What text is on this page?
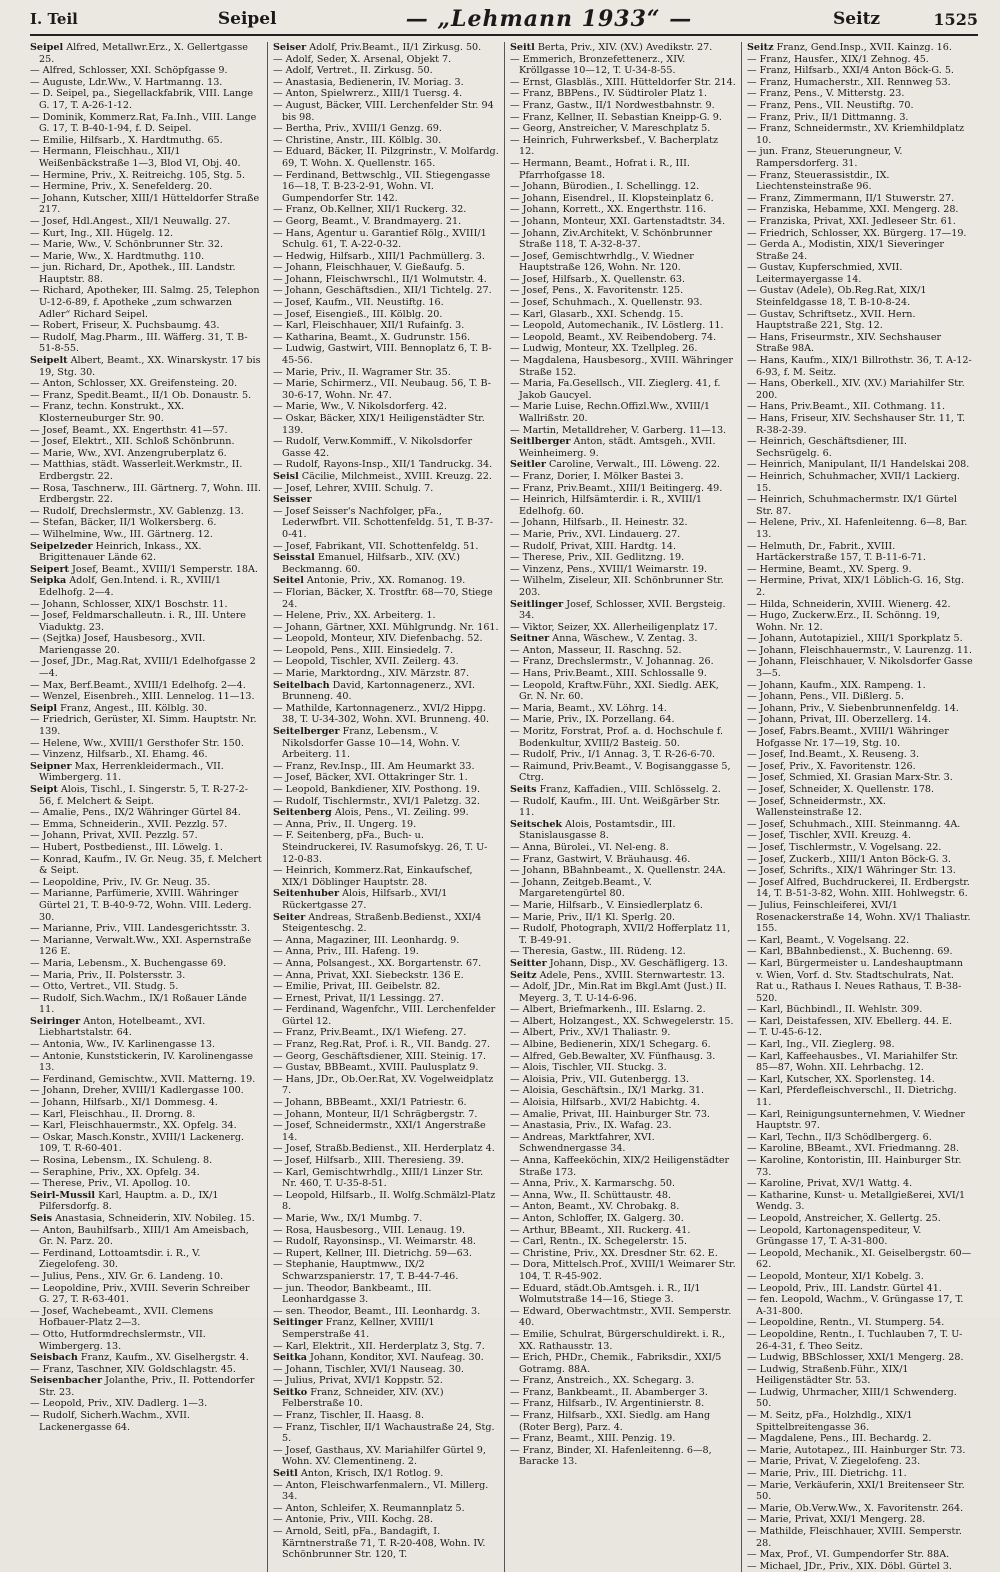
I. Teil	Seipel	— „Lehmann 1933“ —	Seitz	1525

Seipel Alfred, Metallwr.Erz., X. Gellertgasse 25.

— Alfred, Schlosser, XXI. Schöpfgasse 9.

— Auguste, Ldr.Ww., V. Hartmanng. 13.

— D. Seipel, pa., Siegellackfabrik, VIII. Lange G. 17, T. A-26-1-12.

— Dominik, Kommerz.Rat, Fa.Inh., VIII. Lange G. 17, T. B-40-1-94, f. D. Seipel.

— Emilie, Hilfsarb., X. Hardtmuthg. 65.

— Hermann, Fleischhau., XII/1 Weißenbäckstraße 1—3, Blod VI, Obj. 40.

— Hermine, Priv., X. Reitreichg. 105, Stg. 5.

— Hermine, Priv., X. Senefelderg. 20.

— Johann, Kutscher, XIII/1 Hütteldorfer Straße 217.

— Josef, Hdl.Angest., XII/1 Neuwallg. 27.

— Kurt, Ing., XII. Hügelg. 12.

— Marie, Ww., V. Schönbrunner Str. 32.

— Marie, Ww., X. Hardtmuthg. 110.

— jun. Richard, Dr., Apothek., III. Landstr. Hauptstr. 88.

— Richard, Apotheker, III. Salmg. 25, Telephon U-12-6-89, f. Apotheke „zum schwarzen Adler“ Richard Seipel.

— Robert, Friseur, X. Puchsbaumg. 43.

— Rudolf, Mag.Pharm., III. Wäfferg. 31, T. B-51-8-55.

Seipelt Albert, Beamt., XX. Winarskystr. 17 bis 19, Stg. 30.

— Anton, Schlosser, XX. Greifensteing. 20.

— Franz, Spedit.Beamt., II/1 Ob. Donaustr. 5.

— Franz, techn. Konstrukt., XX. Klosterneuburger Str. 90.

— Josef, Beamt., XX. Engerthstr. 41—57.

— Josef, Elektrt., XII. Schloß Schönbrunn.

— Marie, Ww., XVI. Anzengruberplatz 6.

— Matthias, städt. Wasserleit.Werkmstr., II. Erdbergstr. 22.

— Rosa, Taschnerw., III. Gärtnerg. 7, Wohn. III. Erdbergstr. 22.

— Rudolf, Drechslermstr., XV. Gablenzg. 13.

— Stefan, Bäcker, II/1 Wolkersberg. 6.

— Wilhelmine, Ww., III. Gärtnerg. 12.

Seipelzeder Heinrich, Inkass., XX. Brigittenauer Lände 62.

Seipert Josef, Beamt., XVIII/1 Semperstr. 18A.

Seipka Adolf, Gen.Intend. i. R., XVIII/1 Edelhofg. 2—4.

— Johann, Schlosser, XIX/1 Boschstr. 11.

— Josef, Feldmarschalleutn. i. R., III. Untere Viaduktg. 23.

— (Sejtka) Josef, Hausbesorg., XVII. Mariengasse 20.

— Josef, JDr., Mag.Rat, XVIII/1 Edelhofgasse 2—4.

— Max, Berf.Beamt., XVIII/1 Edelhofg. 2—4.

— Wenzel, Eisenbreh., XIII. Lennelog. 11—13.

Seipl Franz, Angest., III. Kölblg. 30.

— Friedrich, Gerüster, XI. Simm. Hauptstr. Nr. 139.

— Helene, Ww., XVIII/1 Gersthofer Str. 150.

— Vinzenz, Hilfsarb., XI. Ehamg. 46.

Seipner Max, Herrenkleidermach., VII. Wimbergerg. 11.

Seipt Alois, Tischl., I. Singerstr. 5, T. R-27-2-56, f. Melchert & Seipt.

— Amalie, Pens., IX/2 Währinger Gürtel 84.

— Emma, Schneiderin., XVII. Pezzlg. 57.

— Johann, Privat, XVII. Pezzlg. 57.

— Hubert, Postbedienst., III. Löwelg. 1.

— Konrad, Kaufm., IV. Gr. Neug. 35, f. Melchert & Seipt.

— Leopoldine, Priv., IV. Gr. Neug. 35.

— Marianne, Parfümerie, XVIII. Währinger Gürtel 21, T. B-40-9-72, Wohn. VIII. Lederg. 30.

— Marianne, Priv., VIII. Landesgerichtsstr. 3.

— Marianne, Verwalt.Ww., XXI. Aspernstraße 126 E.

— Maria, Lebensm., X. Buchengasse 69.

— Maria, Priv., II. Polstersstr. 3.

— Otto, Vertret., VII. Studg. 5.

— Rudolf, Sich.Wachm., IX/1 Roßauer Lände 11.

Seiringer Anton, Hotelbeamt., XVI. Liebhartstalstr. 64.

— Antonia, Ww., IV. Karlinengasse 13.

— Antonie, Kunststickerin, IV. Karolinengasse 13.

— Ferdinand, Gemischtw., XVII. Matterng. 19.

— Johann, Dreher, XVIII/1 Kadlergasse 100.

— Johann, Hilfsarb., XI/1 Dommesg. 4.

— Karl, Fleischhau., II. Drorng. 8.

— Karl, Fleischhauermstr., XX. Opfelg. 34.

— Oskar, Masch.Konstr., XVIII/1 Lackenerg. 109, T. R-60-401.

— Rosina, Lebensm., IX. Schuleng. 8.

— Seraphine, Priv., XX. Opfelg. 34.

— Therese, Priv., VI. Apollog. 10.

Seirl-Mussil Karl, Hauptm. a. D., IX/1 Pilfersdorfg. 8.

Seis Anastasia, Schneiderin, XIV. Nobileg. 15.

— Anton, Bauhilfsarb., XIII/1 Am Ameisbach, Gr. N. Parz. 20.

— Ferdinand, Lottoamtsdir. i. R., V. Ziegelofeng. 30.

— Julius, Pens., XIV. Gr. 6. Landeng. 10.

— Leopoldine, Priv., XVIII. Severin Schreiber G. 27, T. R-63-401.

— Josef, Wachebeamt., XVII. Clemens Hofbauer-Platz 2—3.

— Otto, Hutformdrechslermstr., VII. Wimbergerg. 13.

Seisbach Franz, Kaufm., XV. Giselhergstr. 4.

— Franz, Taschner, XIV. Goldschlagstr. 45.

Seisenbacher Jolanthe, Priv., II. Pottendorfer Str. 23.

— Leopold, Priv., XIV. Dadlerg. 1—3.

— Rudolf, Sicherh.Wachm., XVII. Lackenergasse 64.

Seiser Adolf, Priv.Beamt., II/1 Zirkusg. 50.

— Adolf, Seder, X. Arsenal, Objekt 7.

— Adolf, Vertret., II. Zirkusg. 50.

— Anastasia, Bedienerin, IV. Moriag. 3.

— Anton, Spielwrerz., XIII/1 Tuersg. 4.

— August, Bäcker, VIII. Lerchenfelder Str. 94 bis 98.

— Bertha, Priv., XVIII/1 Genzg. 69.

— Christine, Anstr., III. Kölblg. 30.

— Eduard, Bäcker, II. Pilzgrinstr., V. Molfardg. 69, T. Wohn. X. Quellenstr. 165.

— Ferdinand, Bettwschlg., VII. Stiegengasse 16—18, T. B-23-2-91, Wohn. VI. Gumpendorfer Str. 142.

— Franz, Ob.Kellner, XII/1 Ruckerg. 32.

— Georg, Beamt., V. Brandmayerg. 21.

— Hans, Agentur u. Garantief Rölg., XVIII/1 Schulg. 61, T. A-22-0-32.

— Hedwig, Hilfsarb., XIII/1 Pachmüllerg. 3.

— Johann, Fleischhauer, V. Gießaufg. 5.

— Johann, Fleischwrschl., II/1 Wolmutstr. 4.

— Johann, Geschäftsdien., XII/1 Tichtelg. 27.

— Josef, Kaufm., VII. Neustiftg. 16.

— Josef, Eisengieß., III. Kölblg. 20.

— Karl, Fleischhauer, XII/1 Rufainfg. 3.

— Katharina, Beamt., X. Gudrunstr. 156.

— Ludwig, Gastwirt, VIII. Bennoplatz 6, T. B-45-56.

— Marie, Priv., II. Wagramer Str. 35.

— Marie, Schirmerz., VII. Neubaug. 56, T. B-30-6-17, Wohn. Nr. 47.

— Marie, Ww., V. Nikolsdorferg. 42.

— Oskar, Bäcker, XIX/1 Heiligenstädter Str. 139.

— Rudolf, Verw.Kommiff., V. Nikolsdorfer Gasse 42.

— Rudolf, Rayons-Insp., XII/1 Tandruckg. 34.

Seisl Cäcilie, Milchmeist., XVIII. Kreuzg. 22.

— Josef, Lehrer, XVIII. Schulg. 7.

Seisser

— Josef Seisser's Nachfolger, pFa., Lederwfbrt. VII. Schottenfeldg. 51, T. B-37-0-41.

— Josef, Fabrikant, VII. Schottenfeldg. 51.

Seisstal Emanuel, Hilfsarb., XIV. (XV.) Beckmanng. 60.

Seitel Antonie, Priv., XX. Romanog. 19.

— Florian, Bäcker, X. Trostftr. 68—70, Stiege 24.

— Helene, Priv., XX. Arbeiterg. 1.

— Johann, Gärtner, XXI. Mühlgrundg. Nr. 161.

— Leopold, Monteur, XIV. Diefenbachg. 52.

— Leopold, Pens., XIII. Einsiedelg. 7.

— Leopold, Tischler, XVII. Zeilerg. 43.

— Marie, Marktordng., XIV. Märzstr. 87.

Seitelbach David, Kartonnagenerz., XVI. Brunneng. 40.

— Mathilde, Kartonnagenerz., XVI/2 Hippg. 38, T. U-34-302, Wohn. XVI. Brunneng. 40.

Seitelberger Franz, Lebensm., V. Nikolsdorfer Gasse 10—14, Wohn. V. Arbeiterg. 11.

— Franz, Rev.Insp., III. Am Heumarkt 33.

— Josef, Bäcker, XVI. Ottakringer Str. 1.

— Leopold, Bankdiener, XIV. Posthong. 19.

— Rudolf, Tischlermstr., XVI/1 Paletzg. 32.

Seitenberg Alois, Pens., VI. Zeiling. 99.

— Anna, Priv., II. Ungerg. 19.

— F. Seitenberg, pFa., Buch- u. Steindruckerei, IV. Rasumofskyg. 26, T. U-12-0-83.

— Heinrich, Kommerz.Rat, Einkaufschef, XIX/1 Döblinger Hauptstr. 28.

Seitenhuber Alois, Hilfsarb., XVI/1 Rückertgasse 27.

Seiter Andreas, Straßenb.Bedienst., XXI/4 Steigenteschg. 2.

— Anna, Magaziner, III. Leonhardg. 9.

— Anna, Priv., III. Hafeng. 19.

— Anna, Polsangest., XX. Borgartenstr. 67.

— Anna, Privat, XXI. Siebeckstr. 136 E.

— Emilie, Privat, III. Geibelstr. 82.

— Ernest, Privat, II/1 Lessingg. 27.

— Ferdinand, Wagenfchr., VIII. Lerchenfelder Gürtel 12.

— Franz, Priv.Beamt., IX/1 Wiefeng. 27.

— Franz, Reg.Rat, Prof. i. R., VII. Bandg. 27.

— Georg, Geschäftsdiener, XIII. Steinig. 17.

— Gustav, BBBeamt., XVIII. Paulusplatz 9.

— Hans, JDr., Ob.Oer.Rat, XV. Vogelweidplatz 7.

— Johann, BBBeamt., XXI/1 Patriestr. 6.

— Johann, Monteur, II/1 Schrägbergstr. 7.

— Josef, Schneidermstr., XXI/1 Angerstraße 14.

— Josef, Straßb.Bedienst., XII. Herderplatz 4.

— Josef, Hilfsarb., XIII. Theresieng. 39.

— Karl, Gemischtwrhdlg., XIII/1 Linzer Str. Nr. 460, T. U-35-8-51.

— Leopold, Hilfsarb., II. Wolfg.Schmälzl-Platz 8.

— Marie, Ww., IX/1 Mumbg. 7.

— Rosa, Hausbesorg., VIII. Lenaug. 19.

— Rudolf, Rayonsinsp., VI. Weimarstr. 48.

— Rupert, Kellner, III. Dietrichg. 59—63.

— Stephanie, Hauptmww., IX/2 Schwarzspanierstr. 17, T. B-44-7-46.

— jun. Theodor, Bankbeamt., III. Leonhardgasse 3.

— sen. Theodor, Beamt., III. Leonhardg. 3.

Seitinger Franz, Kellner, XVIII/1 Semperstraße 41.

— Karl, Elektrit., XII. Herderplatz 3, Stg. 7.

Seitka Johann, Konditor, XVI. Naufeag. 30.

— Johann, Tischler, XVI/1 Nauseag. 30.

— Julius, Privat, XVI/1 Koppstr. 52.

Seitko Franz, Schneider, XIV. (XV.) Felberstraße 10.

— Franz, Tischler, II. Haasg. 8.

— Franz, Tischler, II/1 Wachaustraße 24, Stg. 5.

— Josef, Gasthaus, XV. Mariahilfer Gürtel 9, Wohn. XV. Clementineng. 2.

Seitl Anton, Krisch, IX/1 Rotlog. 9.

— Anton, Fleischwarfenmalern., VI. Millerg. 34.

— Anton, Schleifer, X. Reumannplatz 5.

— Antonie, Priv., VIII. Kochg. 28.

— Arnold, Seitl, pFa., Bandagift, I. Kärntnerstraße 71, T. R-20-408, Wohn. IV. Schönbrunner Str. 120, T.

Seitl Berta, Priv., XIV. (XV.) Avedikstr. 27.

— Emmerich, Bronzefettenerz., XIV. Kröllgasse 10—12, T. U-34-8-55.

— Ernst, Glasbläs., XIII. Hütteldorfer Str. 214.

— Franz, BBPens., IV. Südtiroler Platz 1.

— Franz, Gastw., II/1 Nordwestbahnstr. 9.

— Franz, Kellner, II. Sebastian Kneipp-G. 9.

— Georg, Anstreicher, V. Mareschplatz 5.

— Heinrich, Fuhrwerksbef., V. Bacherplatz 12.

— Hermann, Beamt., Hofrat i. R., III. Pfarrhofgasse 18.

— Johann, Bürodien., I. Schellingg. 12.

— Johann, Eisendrel., II. Klopsteinplatz 6.

— Johann, Korrett., XX. Engerthstr. 116.

— Johann, Monteur, XXI. Gartenstadtstr. 34.

— Johann, Ziv.Architekt, V. Schönbrunner Straße 118, T. A-32-8-37.

— Josef, Gemischtwrhdlg., V. Wiedner Hauptstraße 126, Wohn. Nr. 120.

— Josef, Hilfsarb., X. Quellenstr. 63.

— Josef, Pens., X. Favoritenstr. 125.

— Josef, Schuhmach., X. Quellenstr. 93.

— Karl, Glasarb., XXI. Schendg. 15.

— Leopold, Automechanik., IV. Löstlerg. 11.

— Leopold, Beamt., XV. Reibendoberg. 74.

— Ludwig, Monteur, XX. Tzellpleg. 26.

— Magdalena, Hausbesorg., XVIII. Währinger Straße 152.

— Maria, Fa.Gesellsch., VII. Zieglerg. 41, f. Jakob Gaucyel.

— Marie Luise, Rechn.Offizl.Ww., XVIII/1 Wallrißstr. 20.

— Martin, Metalldreher, V. Garberg. 11—13.

Seitlberger Anton, städt. Amtsgeh., XVII. Weinheimerg. 9.

Seitler Caroline, Verwalt., III. Löweng. 22.

— Franz, Dorier, I. Mölker Bastei 3.

— Franz, Priv.Beamt., XIII/1 Beitingerg. 49.

— Heinrich, Hilfsämterdir. i. R., XVIII/1 Edelhofg. 60.

— Johann, Hilfsarb., II. Heinestr. 32.

— Marie, Priv., XVI. Lindauerg. 27.

— Rudolf, Privat, XIII. Hardtg. 14.

— Therese, Priv., XII. Gedlitzng. 19.

— Vinzenz, Pens., XVIII/1 Weimarstr. 19.

— Wilhelm, Ziseleur, XII. Schönbrunner Str. 203.

Seitlinger Josef, Schlosser, XVII. Bergsteig. 34.

— Viktor, Seizer, XX. Allerheiligenplatz 17.

Seitner Anna, Wäschew., V. Zentag. 3.

— Anton, Masseur, II. Raschng. 52.

— Franz, Drechslermstr., V. Johannag. 26.

— Hans, Priv.Beamt., XIII. Schlossalle 9.

— Leopold, Kraftw.Führ., XXI. Siedlg. AEK, Gr. N. Nr. 60.

— Maria, Beamt., XV. Löhrg. 14.

— Marie, Priv., IX. Porzellang. 64.

— Moritz, Forstrat, Prof. a. d. Hochschule f. Bodenkultur, XVIII/2 Basteig. 50.

— Rudolf, Priv., I/1 Annag. 3, T. R-26-6-70.

— Raimund, Priv.Beamt., V. Bogisanggasse 5, Ctrg.

Seits Franz, Kaffadien., VIII. Schlösselg. 2.

— Rudolf, Kaufm., III. Unt. Weißgärber Str. 11.

Seitschek Alois, Postamtsdir., III. Stanislausgasse 8.

— Anna, Bürolei., VI. Nel-eng. 8.

— Franz, Gastwirt, V. Bräuhausg. 46.

— Johann, BBahnbeamt., X. Quellenstr. 24A.

— Johann, Zeitgeb.Beamt., V. Margaretengürtel 80.

— Marie, Hilfsarb., V. Einsiedlerplatz 6.

— Marie, Priv., II/1 Kl. Sperlg. 20.

— Rudolf, Photograph, XVII/2 Hofferplatz 11, T. B-49-91.

— Theresia, Gastw., III. Rüdeng. 12.

Seitter Johann, Disp., XV. Geschäfligerg. 13.

Seitz Adele, Pens., XVIII. Sternwartestr. 13.

— Adolf, JDr., Min.Rat im Bkgl.Amt (Just.) II. Meyerg. 3, T. U-14-6-96.

— Albert, Briefmarkenh., III. Eslarng. 2.

— Albert, Holzangest., XX. Schwegelerstr. 15.

— Albert, Priv., XV/1 Thaliastr. 9.

— Albine, Bedienerin, XIX/1 Schegarg. 6.

— Alfred, Geb.Bewalter, XV. Fünfhausg. 3.

— Alois, Tischler, VII. Stuckg. 3.

— Aloisia, Priv., VII. Gutenbergg. 13.

— Aloisia, Geschäftsin., IX/1 Markg. 31.

— Aloisia, Hilfsarb., XVI/2 Habichtg. 4.

— Amalie, Privat, III. Hainburger Str. 73.

— Anastasia, Priv., IX. Wafag. 23.

— Andreas, Marktfahrer, XVI. Schwendnergasse 34.

— Anna, Kaffeeköchin, XIX/2 Heiligenstädter Straße 173.

— Anna, Priv., X. Karmarschg. 50.

— Anna, Ww., II. Schüttaustr. 48.

— Anton, Beamt., XV. Chrobakg. 8.

— Anton, Schloffer, IX. Galgerg. 30.

— Arthur, BBeamt., XII. Ruckerg. 41.

— Carl, Rentn., IX. Schegelerstr. 15.

— Christine, Priv., XX. Dresdner Str. 62. E.

— Dora, Mittelsch.Prof., XVIII/1 Weimarer Str. 104, T. R-45-902.

— Eduard, städt.Ob.Amtsgeh. i. R., II/1 Wolmutstraße 14—16, Stiege 3.

— Edward, Oberwachtmstr., XVII. Semperstr. 40.

— Emilie, Schulrat, Bürgerschuldirekt. i. R., XX. Rathausstr. 13.

— Erich, PHDr., Chemik., Fabriksdir., XXI/5 Gotramg. 88A.

— Franz, Anstreich., XX. Schegarg. 3.

— Franz, Bankbeamt., II. Abamberger 3.

— Franz, Hilfsarb., IV. Argentinierstr. 8.

— Franz, Hilfsarb., XXI. Siedlg. am Hang (Roter Berg), Parz. 4.

— Franz, Beamt., XIII. Penzig. 19.

— Franz, Binder, XI. Hafenleitenng. 6—8, Baracke 13.

Seitz Franz, Gend.Insp., XVII. Kainzg. 16.

— Franz, Hausfer., XIX/1 Zehnog. 45.

— Franz, Hilfsarb., XXI/4 Anton Böck-G. 5.

— Franz, Humacherstr., XII. Rennweg 53.

— Franz, Pens., V. Mitterstg. 23.

— Franz, Pens., VII. Neustiftg. 70.

— Franz, Priv., II/1 Dittmanng. 3.

— Franz, Schneidermstr., XV. Kriemhildplatz 10.

— jun. Franz, Steuerungneur, V. Rampersdorferg. 31.

— Franz, Steuerassistdir., IX. Liechtensteinstraße 96.

— Franz, Zimmermann, II/1 Stuwerstr. 27.

— Franziska, Hebamme, XXI. Mengerg. 28.

— Franziska, Privat, XXI. Jedleseer Str. 61.

— Friedrich, Schlosser, XX. Bürgerg. 17—19.

— Gerda A., Modistin, XIX/1 Sieveringer Straße 24.

— Gustav, Kupferschmied, XVII. Leitermayergasse 14.

— Gustav (Adele), Ob.Reg.Rat, XIX/1 Steinfeldgasse 18, T. B-10-8-24.

— Gustav, Schriftsetz., XVII. Hern. Hauptstraße 221, Stg. 12.

— Hans, Friseurmstr., XIV. Sechshauser Straße 98A.

— Hans, Kaufm., XIX/1 Billrothstr. 36, T. A-12-6-93, f. M. Seitz.

— Hans, Oberkell., XIV. (XV.) Mariahilfer Str. 200.

— Hans, Priv.Beamt., XII. Cothmang. 11.

— Hans, Friseur, XIV. Sechshauser Str. 11, T. R-38-2-39.

— Heinrich, Geschäftsdiener, III. Sechsrügelg. 6.

— Heinrich, Manipulant, II/1 Handelskai 208.

— Heinrich, Schuhmacher, XVII/1 Lackierg. 15.

— Heinrich, Schuhmachermstr. IX/1 Gürtel Str. 87.

— Helene, Priv., XI. Hafenleitenng. 6—8, Bar. 13.

— Helmuth, Dr., Fabrit., XVIII. Hartäckerstraße 157, T. B-11-6-71.

— Hermine, Beamt., XV. Sperg. 9.

— Hermine, Privat, XIX/1 Löblich-G. 16, Stg. 2.

— Hilda, Schneiderin, XVIII. Wienerg. 42.

— Hugo, Zuckerw.Erz., II. Schönng. 19, Wohn. Nr. 12.

— Johann, Autotapiziel., XIII/1 Sporkplatz 5.

— Johann, Fleischhauermstr., V. Laurenzg. 11.

— Johann, Fleischhauer, V. Nikolsdorfer Gasse 3—5.

— Johann, Kaufm., XIX. Rampeng. 1.

— Johann, Pens., VII. Dißlerg. 5.

— Johann, Priv., V. Siebenbrunnenfeldg. 14.

— Johann, Privat, III. Oberzellerg. 14.

— Josef, Fabrs.Beamt., XVIII/1 Währinger Hofgasse Nr. 17—19, Stg. 10.

— Josef, Ind.Beamt., X. Reuseng. 3.

— Josef, Priv., X. Favoritenstr. 126.

— Josef, Schmied, XI. Grasian Marx-Str. 3.

— Josef, Schneider, X. Quellenstr. 178.

— Josef, Schneidermstr., XX. Wallensteinstraße 12.

— Josef, Schuhmach., XIII. Steinmanng. 4A.

— Josef, Tischler, XVII. Kreuzg. 4.

— Josef, Tischlermstr., V. Vogelsang. 22.

— Josef, Zuckerb., XIII/1 Anton Böck-G. 3.

— Josef, Schrifts., XIX/1 Währinger Str. 13.

— Josef Alfred, Buchdruckerei, II. Erdbergstr. 14, T. B-51-3-82, Wohn. XIII. Hohlwegstr. 6.

— Julius, Feinschleiferei, XVI/1 Rosenackerstraße 14, Wohn. XV/1 Thaliastr. 155.

— Karl, Beamt., V. Vogelsang. 22.

— Karl, BBahnbedienst., X. Buchenng. 69.

— Karl, Bürgermeister u. Landeshauptmann v. Wien, Vorf. d. Stv. Stadtschulrats, Nat. Rat u., Rathaus I. Neues Rathaus, T. B-38-520.

— Karl, Büchbindl., II. Wehlstr. 309.

— Karl, Deistafessen, XIV. Ebellerg. 44. E.

— T. U-45-6-12.

— Karl, Ing., VII. Zieglerg. 98.

— Karl, Kaffeehausbes., VI. Mariahilfer Str. 85—87, Wohn. XII. Lehrbachg. 12.

— Karl, Kutscher, XX. Sporlensteg. 14.

— Karl, Pferdefleischverschl., II. Dietrichg. 11.

— Karl, Reinigungsunternehmen, V. Wiedner Hauptstr. 97.

— Karl, Techn., II/3 Schödlbergerg. 6.

— Karoline, BBeamt., XVI. Friedmanng. 28.

— Karoline, Kontoristin, III. Hainburger Str. 73.

— Karoline, Privat, XV/1 Wattg. 4.

— Katharine, Kunst- u. Metallgießerei, XVI/1 Wendg. 3.

— Leopold, Anstreicher, X. Gellertg. 25.

— Leopold, Kartonagenspediteur, V. Grüngasse 17, T. A-31-800.

— Leopold, Mechanik., XI. Geiselbergstr. 60—62.

— Leopold, Monteur, XI/1 Kobelg. 3.

— Leopold, Priv., III. Landstr. Gürtel 41.

— fen. Leopold, Wachm., V. Grüngasse 17, T. A-31-800.

— Leopoldine, Rentn., VI. Stumperg. 54.

— Leopoldine, Rentn., I. Tuchlauben 7, T. U-26-4-31, f. Theo Seitz.

— Ludwig, BBSchlosser, XXI/1 Mengerg. 28.

— Ludwig, Straßenb.Führ., XIX/1 Heiligenstädter Str. 53.

— Ludwig, Uhrmacher, XIII/1 Schwenderg. 50.

— M. Seitz, pFa., Holzhdlg., XIX/1 Spittelbreitengasse 36.

— Magdalene, Pens., III. Bechardg. 2.

— Marie, Autotapez., III. Hainburger Str. 73.

— Marie, Privat, V. Ziegelofeng. 23.

— Marie, Priv., III. Dietrichg. 11.

— Marie, Verkäuferin, XXI/1 Breitenseer Str. 50.

— Marie, Ob.Verw.Ww., X. Favoritenstr. 264.

— Marie, Privat, XXI/1 Mengerg. 28.

— Mathilde, Fleischhauer, XVIII. Semperstr. 28.

— Max, Prof., VI. Gumpendorfer Str. 88A.

— Michael, JDr., Priv., XIX. Döbl. Gürtel 3.
